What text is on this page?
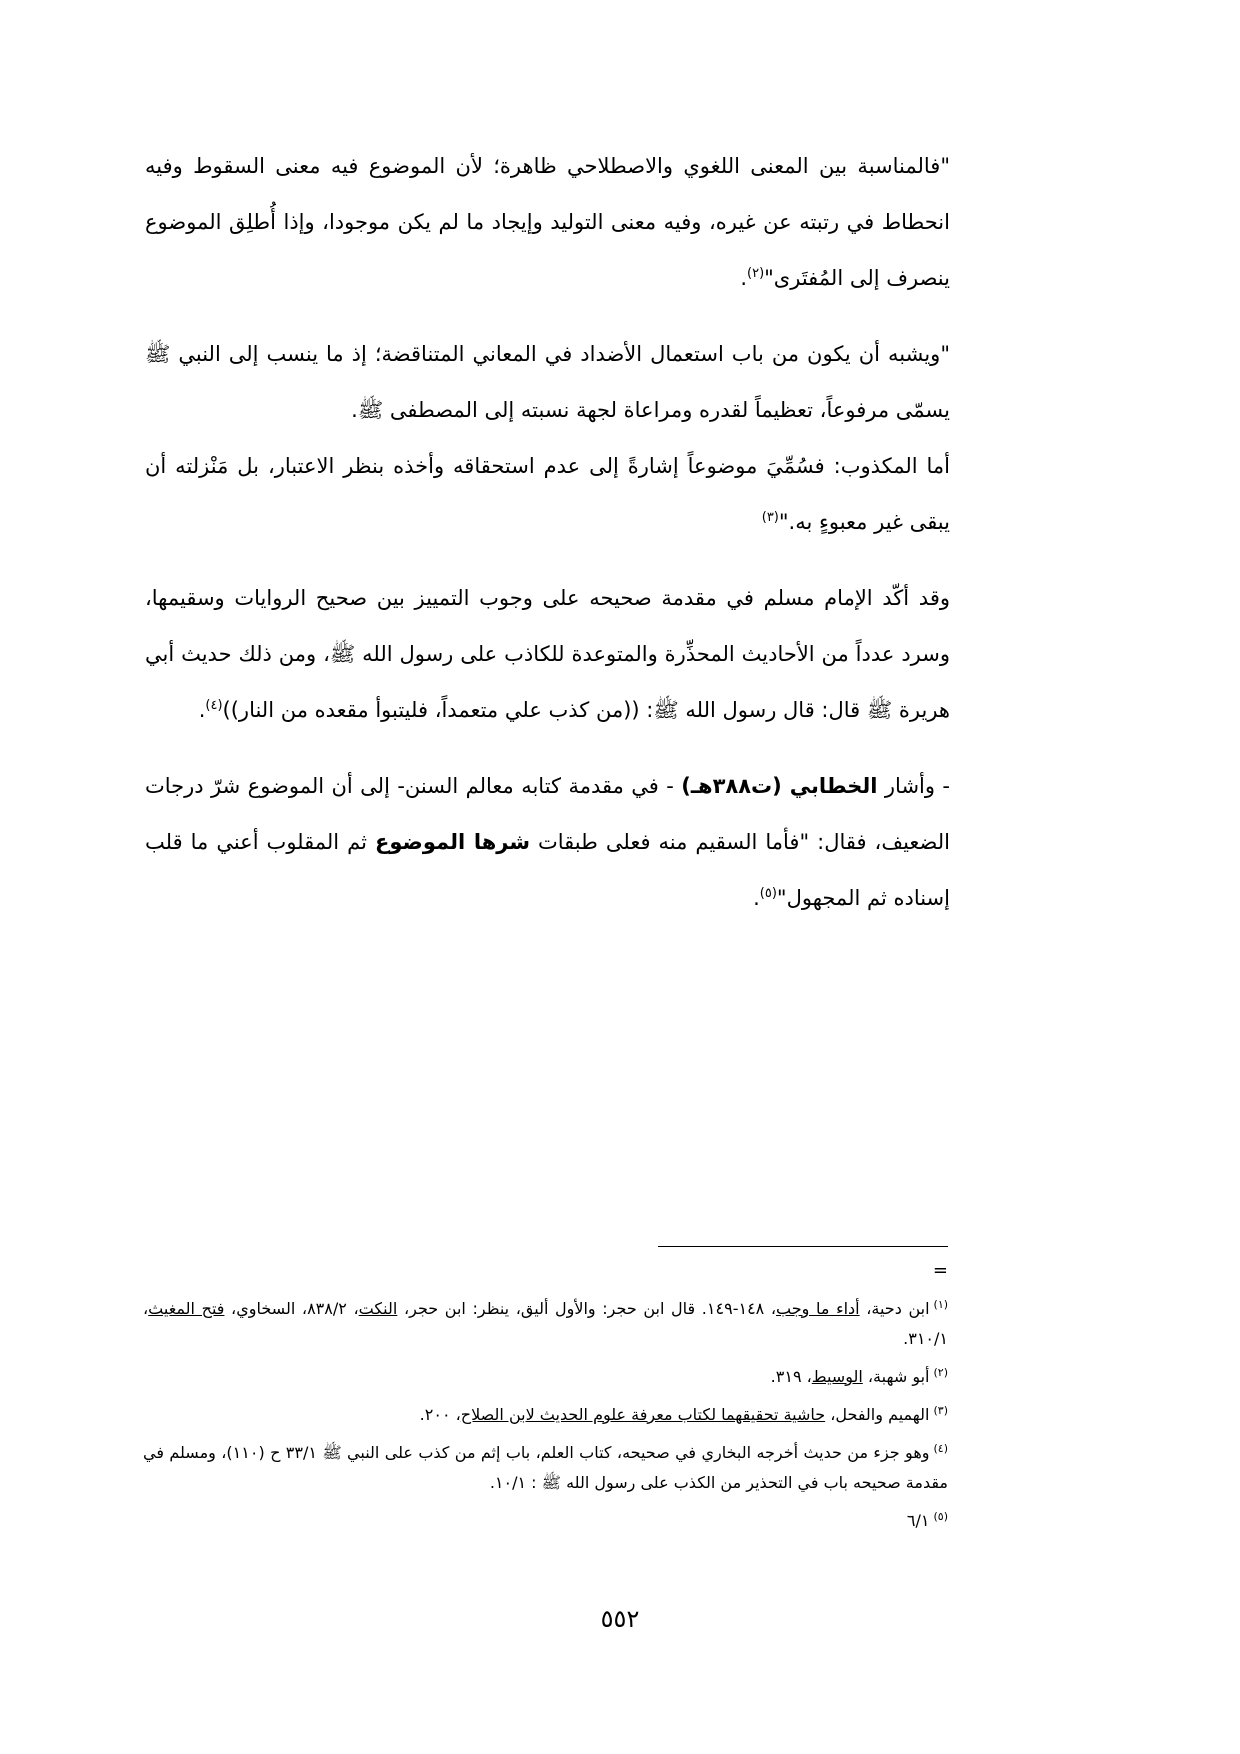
"فالمناسبة بين المعنى اللغوي والاصطلاحي ظاهرة؛ لأن الموضوع فيه معنى السقوط وفيه انحطاط في رتبته عن غيره، وفيه معنى التوليد وإيجاد ما لم يكن موجودا، وإذا أُطلِق الموضوع ينصرف إلى المُفتَرى"$^{(٢)}$.

"ويشبه أن يكون من باب استعمال الأضداد في المعاني المتناقضة؛ إذ ما ينسب إلى النبي ﷺ يسمّى مرفوعاً، تعظيماً لقدره ومراعاة لجهة نسبته إلى المصطفى ﷺ.

أما المكذوب: فسُمِّيَ موضوعاً إشارةً إلى عدم استحقاقه وأخذه بنظر الاعتبار، بل مَنْزلته أن يبقى غير معبوءٍ به."$^{(٣)}$

وقد أكّد الإمام مسلم في مقدمة صحيحه على وجوب التمييز بين صحيح الروايات وسقيمها، وسرد عدداً من الأحاديث المحذِّرة والمتوعدة للكاذب على رسول الله ﷺ، ومن ذلك حديث أبي هريرة ﷺ قال: قال رسول الله ﷺ: ((من كذب علي متعمداً، فليتبوأ مقعده من النار))$^{(٤)}$.

- وأشار الخطابي (ت٣٨٨هـ) - في مقدمة كتابه معالم السنن- إلى أن الموضوع شرّ درجات الضعيف، فقال: "فأما السقيم منه فعلى طبقات شرها الموضوع ثم المقلوب أعني ما قلب إسناده ثم المجهول"$^{(٥)}$.

=

$^{(١)}$ابن دحية، أداء ما وجب، ١٤٨-١٤٩. قال ابن حجر: والأول أليق، ينظر: ابن حجر، النكت، ٨٣٨/٢، السخاوي، فتح المغيث، ٣١٠/١.

$^{(٢)}$أبو شهبة، الوسيط، ٣١٩.

$^{(٣)}$الهميم والفحل، حاشية تحقيقهما لكتاب معرفة علوم الحديث لابن الصلاح، ٢٠٠.

$^{(٤)}$وهو جزء من حديث أخرجه البخاري في صحيحه، كتاب العلم، باب إثم من كذب على النبي ﷺ ٣٣/١ ح (١١٠)، ومسلم في مقدمة صحيحه باب في التحذير من الكذب على رسول الله ﷺ : ١٠/١.

$^{(٥)}$٦/١

٥٥٢
